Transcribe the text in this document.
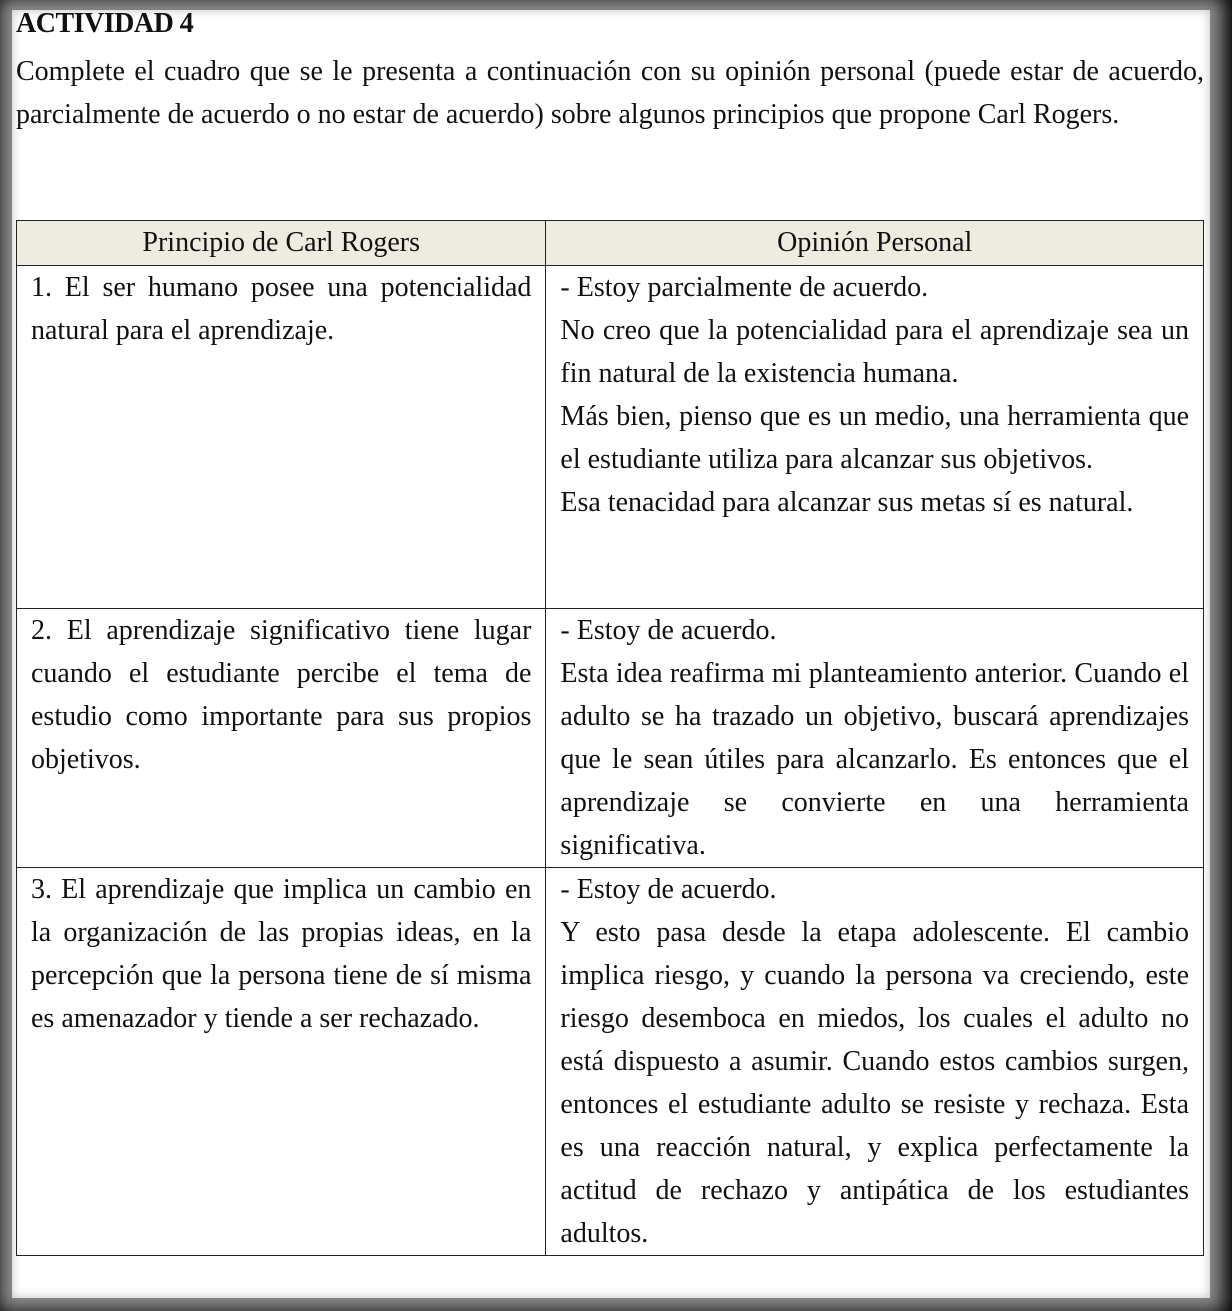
ACTIVIDAD 4

Complete el cuadro que se le presenta a continuación con su opinión personal (puede estar de acuerdo, parcialmente de acuerdo o no estar de acuerdo) sobre algunos principios que propone Carl Rogers.

Principio de Carl Rogers	Opinión Personal

1. El ser humano posee una potencialidad natural para el aprendizaje.	- Estoy parcialmente de acuerdo.

No creo que la potencialidad para el aprendizaje sea un fin natural de la existencia humana.

Más bien, pienso que es un medio, una herramienta que el estudiante utiliza para alcanzar sus objetivos.

Esa tenacidad para alcanzar sus metas sí es natural.

2. El aprendizaje significativo tiene lugar cuando el estudiante percibe el tema de estudio como importante para sus propios objetivos.	- Estoy de acuerdo.

Esta idea reafirma mi planteamiento anterior. Cuando el adulto se ha trazado un objetivo, buscará aprendizajes que le sean útiles para alcanzarlo. Es entonces que el aprendizaje se convierte en una herramienta significativa.

3. El aprendizaje que implica un cambio en la organización de las propias ideas, en la percepción que la persona tiene de sí misma es amenazador y tiende a ser rechazado.	- Estoy de acuerdo.

Y esto pasa desde la etapa adolescente. El cambio implica riesgo, y cuando la persona va creciendo, este riesgo desemboca en miedos, los cuales el adulto no está dispuesto a asumir. Cuando estos cambios surgen, entonces el estudiante adulto se resiste y rechaza. Esta es una reacción natural, y explica perfectamente la actitud de rechazo y antipática de los estudiantes adultos.
